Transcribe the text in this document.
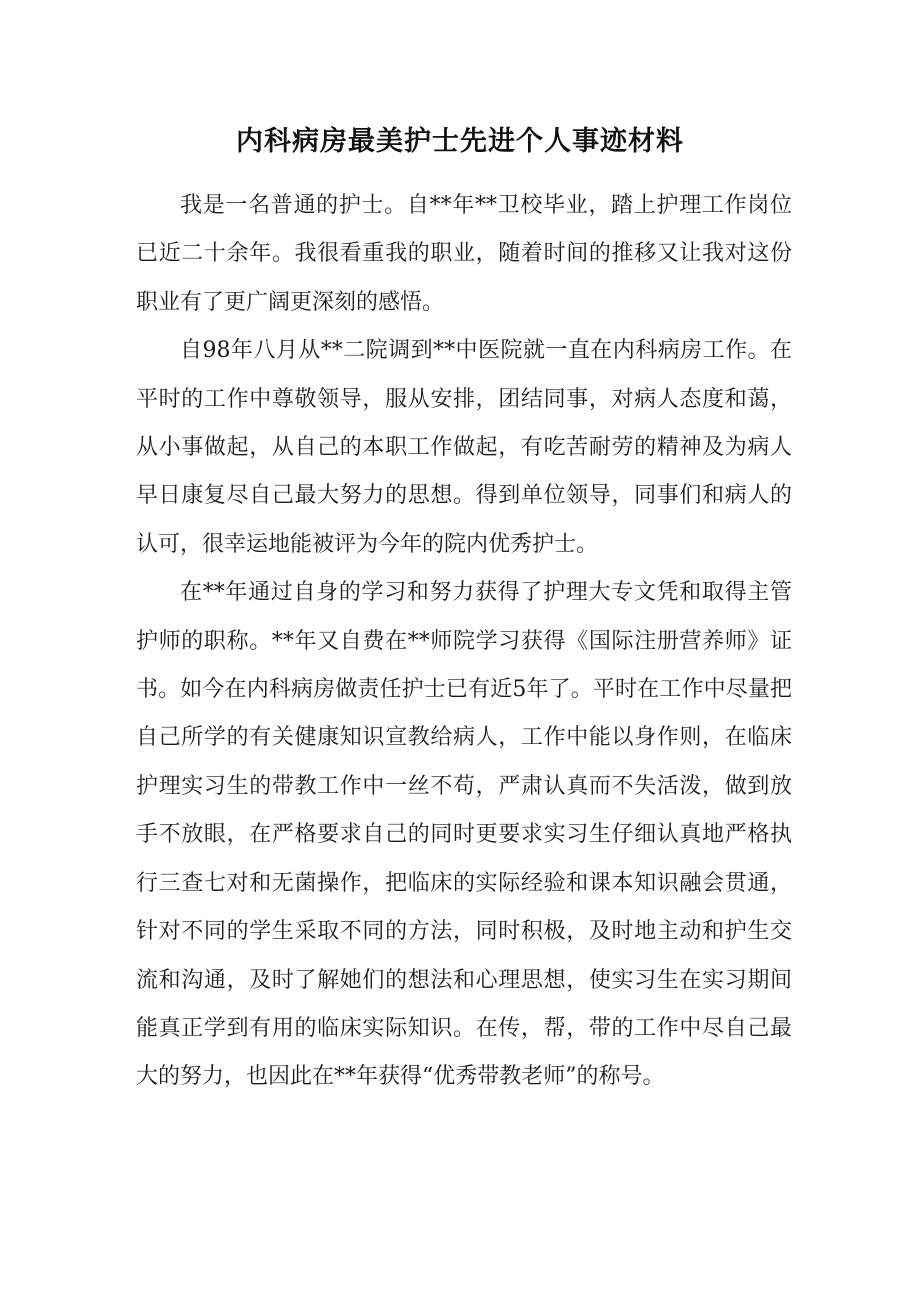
内科病房最美护士先进个人事迹材料

我是一名普通的护士。自**年**卫校毕业，踏上护理工作岗位已近二十余年。我很看重我的职业，随着时间的推移又让我对这份职业有了更广阔更深刻的感悟。

自98年八月从**二院调到**中医院就一直在内科病房工作。在平时的工作中尊敬领导，服从安排，团结同事，对病人态度和蔼，从小事做起，从自己的本职工作做起，有吃苦耐劳的精神及为病人早日康复尽自己最大努力的思想。得到单位领导，同事们和病人的认可，很幸运地能被评为今年的院内优秀护士。

在**年通过自身的学习和努力获得了护理大专文凭和取得主管护师的职称。**年又自费在**师院学习获得《国际注册营养师》证书。如今在内科病房做责任护士已有近5年了。平时在工作中尽量把自己所学的有关健康知识宣教给病人，工作中能以身作则，在临床护理实习生的带教工作中一丝不苟，严肃认真而不失活泼，做到放手不放眼，在严格要求自己的同时更要求实习生仔细认真地严格执行三查七对和无菌操作，把临床的实际经验和课本知识融会贯通，针对不同的学生采取不同的方法，同时积极，及时地主动和护生交流和沟通，及时了解她们的想法和心理思想，使实习生在实习期间能真正学到有用的临床实际知识。在传，帮，带的工作中尽自己最大的努力，也因此在**年获得“优秀带教老师”的称号。
